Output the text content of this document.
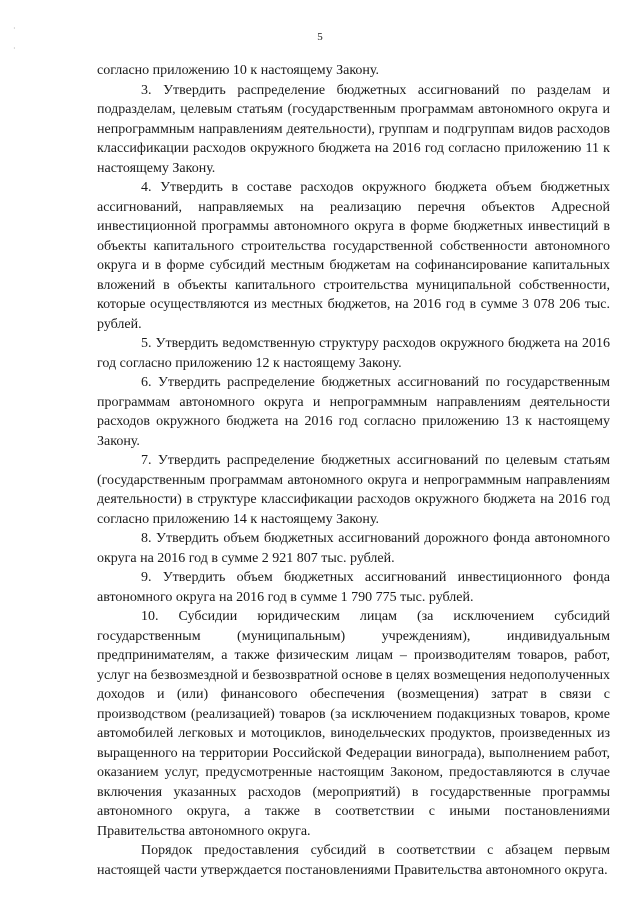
·
·
5

согласно приложению 10 к настоящему Закону.

3. Утвердить распределение бюджетных ассигнований по разделам и подразделам, целевым статьям (государственным программам автономного округа и непрограммным направлениям деятельности), группам и подгруппам видов расходов классификации расходов окружного бюджета на 2016 год согласно приложению 11 к настоящему Закону.

4. Утвердить в составе расходов окружного бюджета объем бюджетных ассигнований, направляемых на реализацию перечня объектов Адресной инвестиционной программы автономного округа в форме бюджетных инвестиций в объекты капитального строительства государственной собственности автономного округа и в форме субсидий местным бюджетам на софинансирование капитальных вложений в объекты капитального строительства муниципальной собственности, которые осуществляются из местных бюджетов, на 2016 год в сумме 3 078 206 тыс. рублей.

5. Утвердить ведомственную структуру расходов окружного бюджета на 2016 год согласно приложению 12 к настоящему Закону.

6. Утвердить распределение бюджетных ассигнований по государственным программам автономного округа и непрограммным направлениям деятельности расходов окружного бюджета на 2016 год согласно приложению 13 к настоящему Закону.

7. Утвердить распределение бюджетных ассигнований по целевым статьям (государственным программам автономного округа и непрограммным направлениям деятельности) в структуре классификации расходов окружного бюджета на 2016 год согласно приложению 14 к настоящему Закону.

8. Утвердить объем бюджетных ассигнований дорожного фонда автономного округа на 2016 год в сумме 2 921 807 тыс. рублей.

9. Утвердить объем бюджетных ассигнований инвестиционного фонда автономного округа на 2016 год в сумме 1 790 775 тыс. рублей.

10. Субсидии юридическим лицам (за исключением субсидий государственным (муниципальным) учреждениям), индивидуальным предпринимателям, а также физическим лицам – производителям товаров, работ, услуг на безвозмездной и безвозвратной основе в целях возмещения недополученных доходов и (или) финансового обеспечения (возмещения) затрат в связи с производством (реализацией) товаров (за исключением подакцизных товаров, кроме автомобилей легковых и мотоциклов, винодельческих продуктов, произведенных из выращенного на территории Российской Федерации винограда), выполнением работ, оказанием услуг, предусмотренные настоящим Законом, предоставляются в случае включения указанных расходов (мероприятий) в государственные программы автономного округа, а также в соответствии с иными постановлениями Правительства автономного округа.

Порядок предоставления субсидий в соответствии с абзацем первым настоящей части утверждается постановлениями Правительства автономного округа.
